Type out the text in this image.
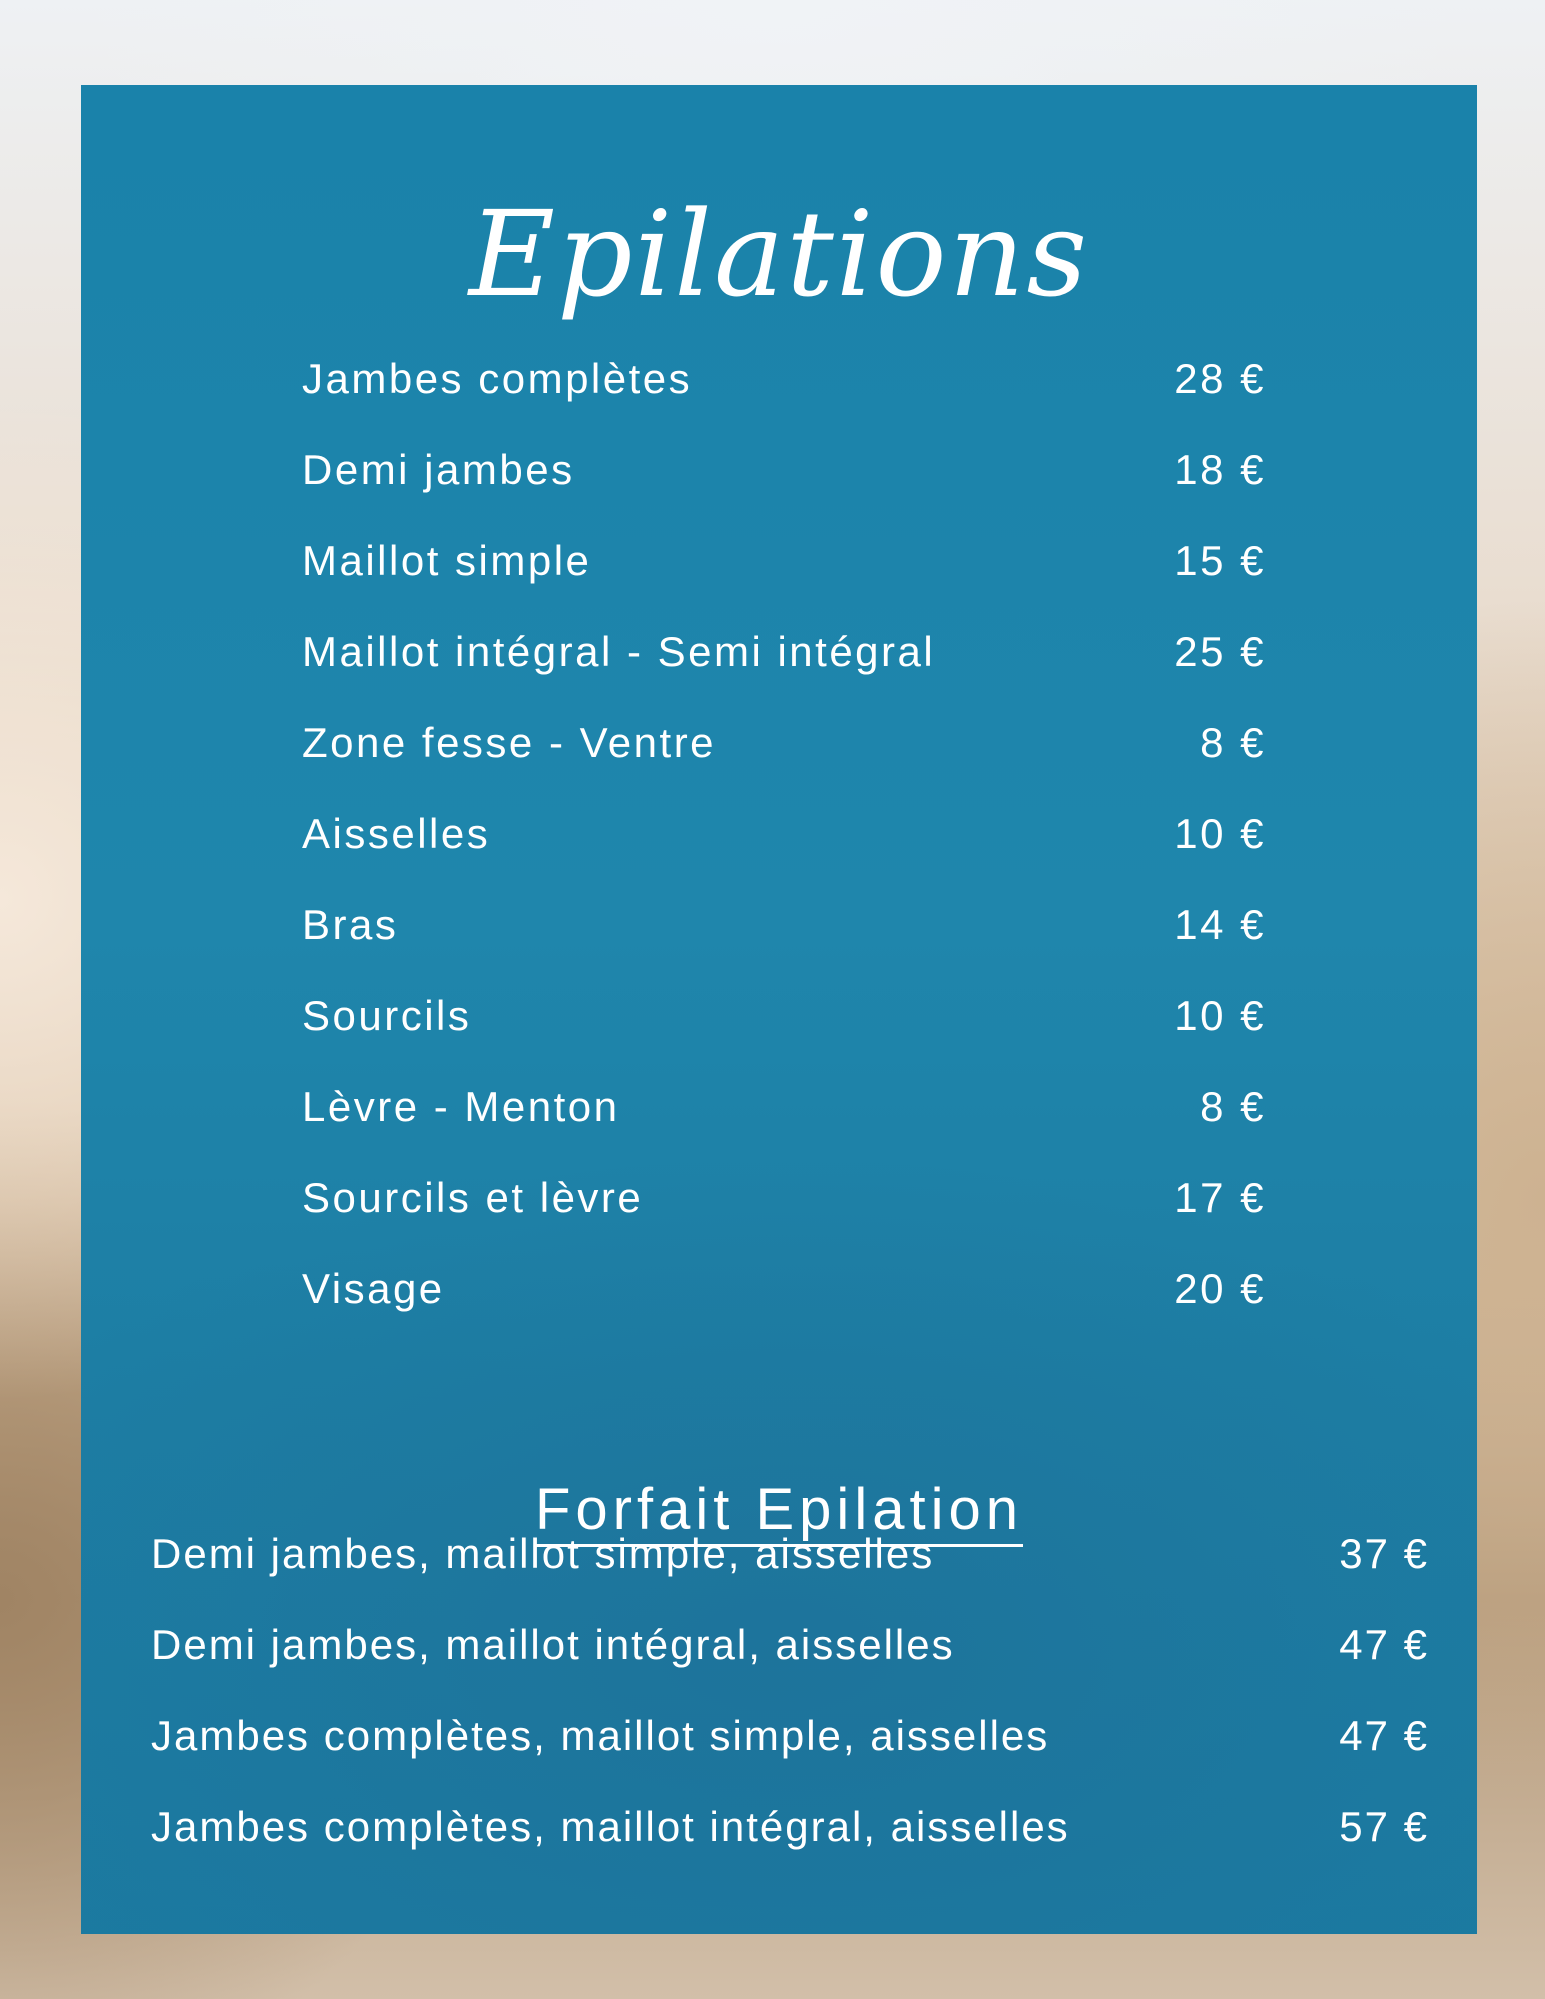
Epilations
Jambes complètes	28 €
Demi jambes	18 €
Maillot simple	15 €
Maillot intégral - Semi intégral	25 €
Zone fesse - Ventre	8 €
Aisselles	10 €
Bras	14 €
Sourcils	10 €
Lèvre - Menton	8 €
Sourcils et lèvre	17 €
Visage	20 €
Forfait Epilation
Demi jambes, maillot simple, aisselles	37 €
Demi jambes, maillot intégral, aisselles	47 €
Jambes complètes, maillot simple, aisselles	47 €
Jambes complètes, maillot intégral, aisselles	57 €
